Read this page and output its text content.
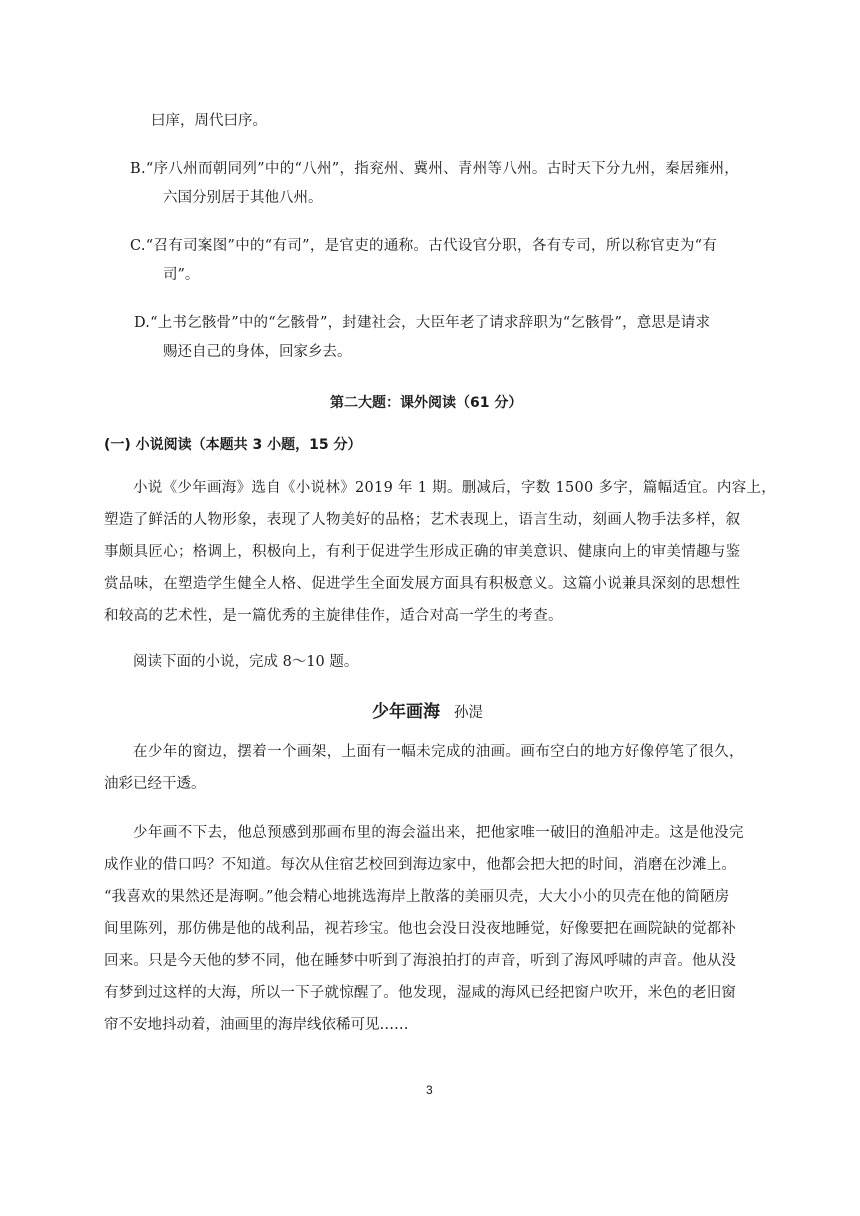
曰庠，周代曰序。
B.“序八州而朝同列”中的“八州”，指兖州、冀州、青州等八州。古时天下分九州，秦居雍州，
六国分别居于其他八州。
C.“召有司案图”中的“有司”，是官吏的通称。古代设官分职，各有专司，所以称官吏为“有
司”。
D.“上书乞骸骨”中的“乞骸骨”，封建社会，大臣年老了请求辞职为“乞骸骨”，意思是请求
赐还自己的身体，回家乡去。
第二大题：课外阅读（61 分）
(一) 小说阅读（本题共 3 小题，15 分）
小说《少年画海》选自《小说林》2019 年 1 期。删减后，字数 1500 多字，篇幅适宜。内容上，
塑造了鲜活的人物形象，表现了人物美好的品格；艺术表现上，语言生动，刻画人物手法多样，叙
事颇具匠心；格调上，积极向上，有利于促进学生形成正确的审美意识、健康向上的审美情趣与鉴
赏品味，在塑造学生健全人格、促进学生全面发展方面具有积极意义。这篇小说兼具深刻的思想性
和较高的艺术性，是一篇优秀的主旋律佳作，适合对高一学生的考查。
阅读下面的小说，完成 8～10 题。
少年画海 孙湜
在少年的窗边，摆着一个画架，上面有一幅未完成的油画。画布空白的地方好像停笔了很久，
油彩已经干透。
少年画不下去，他总预感到那画布里的海会溢出来，把他家唯一破旧的渔船冲走。这是他没完
成作业的借口吗？不知道。每次从住宿艺校回到海边家中，他都会把大把的时间，消磨在沙滩上。
“我喜欢的果然还是海啊。”他会精心地挑选海岸上散落的美丽贝壳，大大小小的贝壳在他的简陋房
间里陈列，那仿佛是他的战利品，视若珍宝。他也会没日没夜地睡觉，好像要把在画院缺的觉都补
回来。只是今天他的梦不同，他在睡梦中听到了海浪拍打的声音，听到了海风呼啸的声音。他从没
有梦到过这样的大海，所以一下子就惊醒了。他发现，湿咸的海风已经把窗户吹开，米色的老旧窗
帘不安地抖动着，油画里的海岸线依稀可见……
3
